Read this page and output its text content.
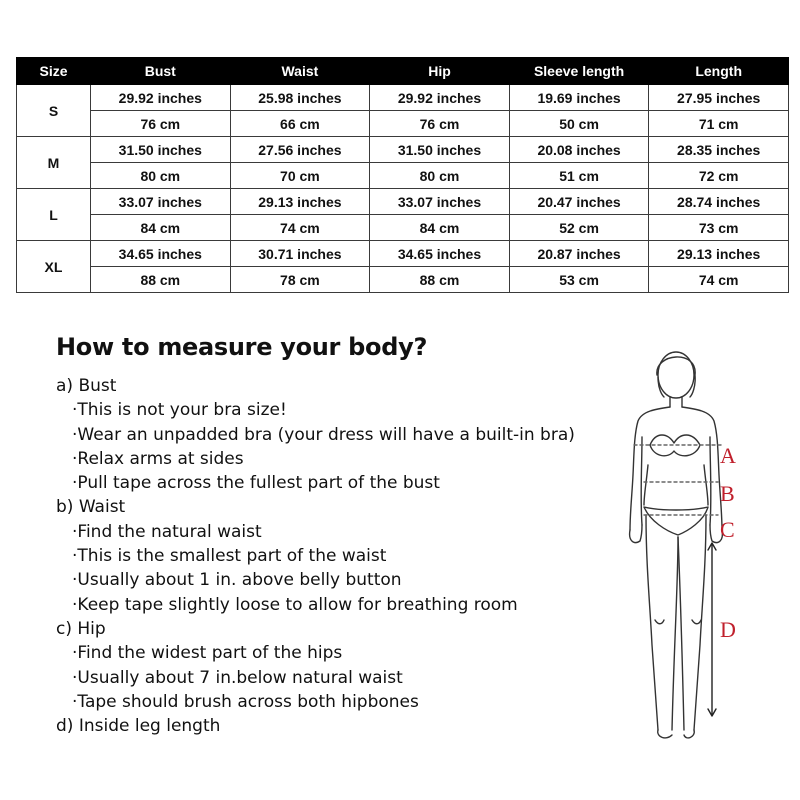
Size	Bust	Waist	Hip	Sleeve length	Length
S	29.92 inches	25.98 inches	29.92 inches	19.69 inches	27.95 inches
	76 cm	66 cm	76 cm	50 cm	71 cm
M	31.50 inches	27.56 inches	31.50 inches	20.08 inches	28.35 inches
	80 cm	70 cm	80 cm	51 cm	72 cm
L	33.07 inches	29.13 inches	33.07 inches	20.47 inches	28.74 inches
	84 cm	74 cm	84 cm	52 cm	73 cm
XL	34.65 inches	30.71 inches	34.65 inches	20.87 inches	29.13 inches
	88 cm	78 cm	88 cm	53 cm	74 cm
How to measure your body?
a) Bust
·This is not your bra size!
·Wear an unpadded bra (your dress will have a built-in bra)
·Relax arms at sides
·Pull tape across the fullest part of the bust
b) Waist
·Find the natural waist
·This is the smallest part of the waist
·Usually about 1 in. above belly button
·Keep tape slightly loose to allow for breathing room
c) Hip
·Find the widest part of the hips
·Usually about 7 in.below natural waist
·Tape should brush across both hipbones
d) Inside leg length
A
B
C
D
